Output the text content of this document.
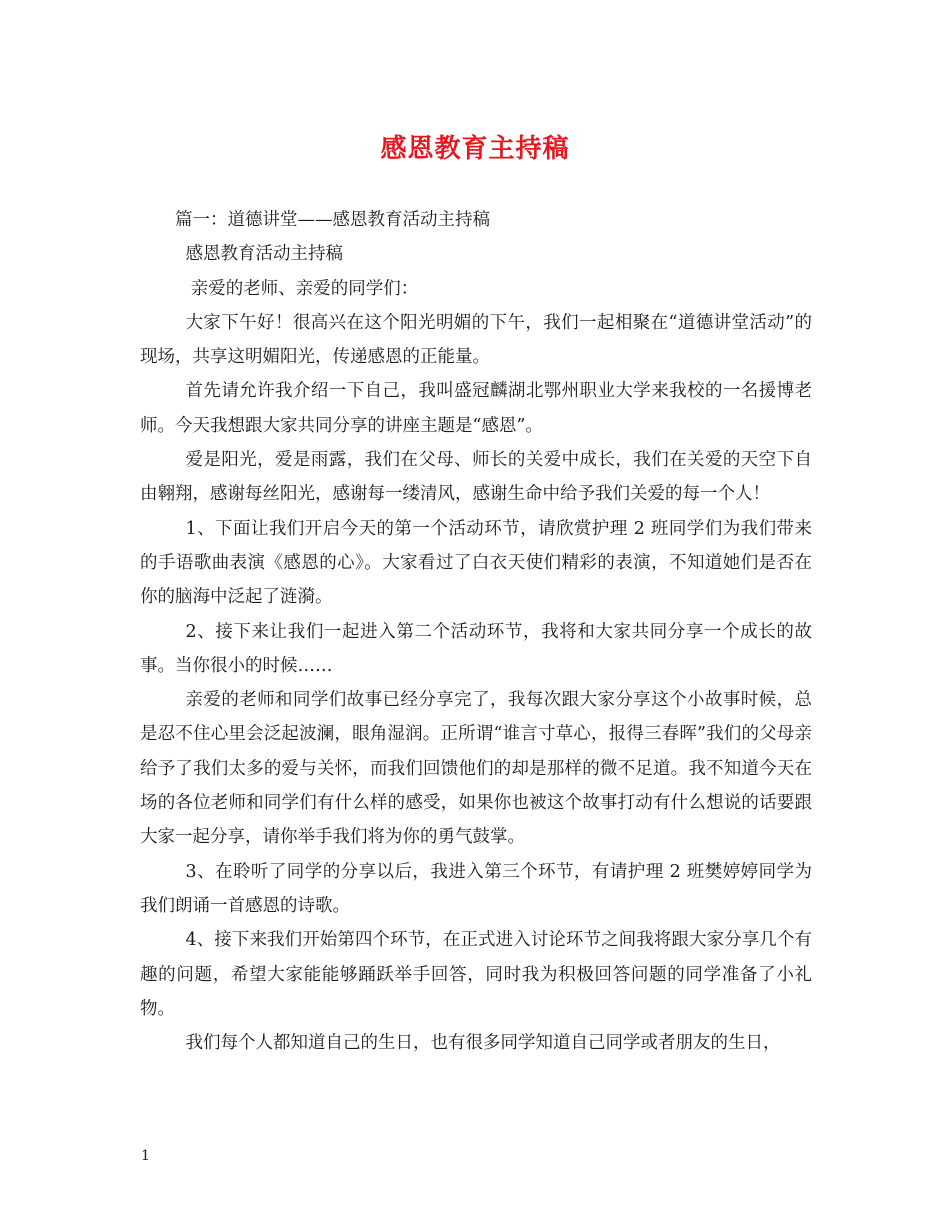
感恩教育主持稿

篇一：道德讲堂——感恩教育活动主持稿

感恩教育活动主持稿

亲爱的老师、亲爱的同学们：

大家下午好！很高兴在这个阳光明媚的下午，我们一起相聚在“道德讲堂活动”的现场，共享这明媚阳光，传递感恩的正能量。

首先请允许我介绍一下自己，我叫盛冠麟湖北鄂州职业大学来我校的一名援博老师。今天我想跟大家共同分享的讲座主题是“感恩”。

爱是阳光，爱是雨露，我们在父母、师长的关爱中成长，我们在关爱的天空下自由翱翔，感谢每丝阳光，感谢每一缕清风，感谢生命中给予我们关爱的每一个人！

1、下面让我们开启今天的第一个活动环节，请欣赏护理 2 班同学们为我们带来的手语歌曲表演《感恩的心》。大家看过了白衣天使们精彩的表演，不知道她们是否在你的脑海中泛起了涟漪。

2、接下来让我们一起进入第二个活动环节，我将和大家共同分享一个成长的故事。当你很小的时候……

亲爱的老师和同学们故事已经分享完了，我每次跟大家分享这个小故事时候，总是忍不住心里会泛起波澜，眼角湿润。正所谓“谁言寸草心，报得三春晖”我们的父母亲给予了我们太多的爱与关怀，而我们回馈他们的却是那样的微不足道。我不知道今天在场的各位老师和同学们有什么样的感受，如果你也被这个故事打动有什么想说的话要跟大家一起分享，请你举手我们将为你的勇气鼓掌。

3、在聆听了同学的分享以后，我进入第三个环节，有请护理 2 班樊婷婷同学为我们朗诵一首感恩的诗歌。

4、接下来我们开始第四个环节，在正式进入讨论环节之间我将跟大家分享几个有趣的问题，希望大家能能够踊跃举手回答，同时我为积极回答问题的同学准备了小礼物。

我们每个人都知道自己的生日，也有很多同学知道自己同学或者朋友的生日，

1
